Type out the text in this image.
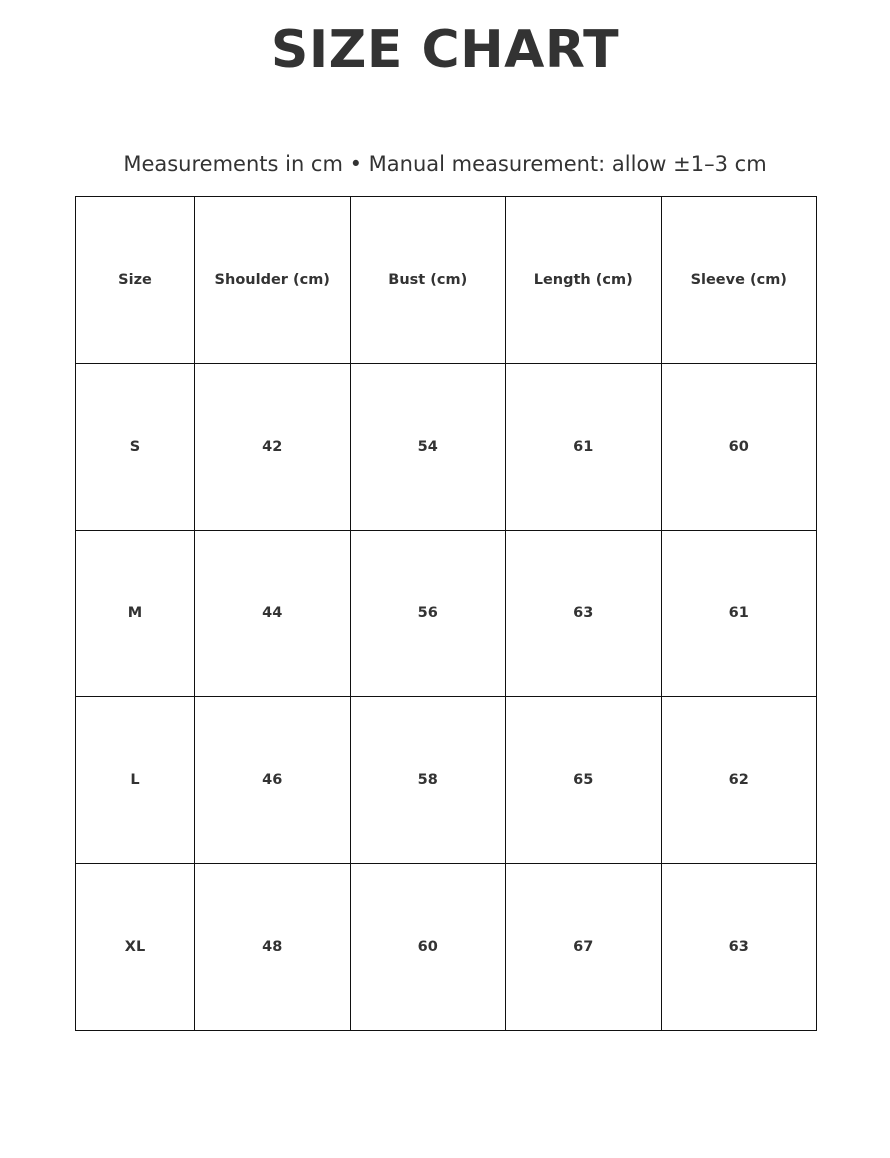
SIZE CHART
Measurements in cm • Manual measurement: allow ±1–3 cm
Size	Shoulder (cm)	Bust (cm)	Length (cm)	Sleeve (cm)
S	42	54	61	60
M	44	56	63	61
L	46	58	65	62
XL	48	60	67	63
